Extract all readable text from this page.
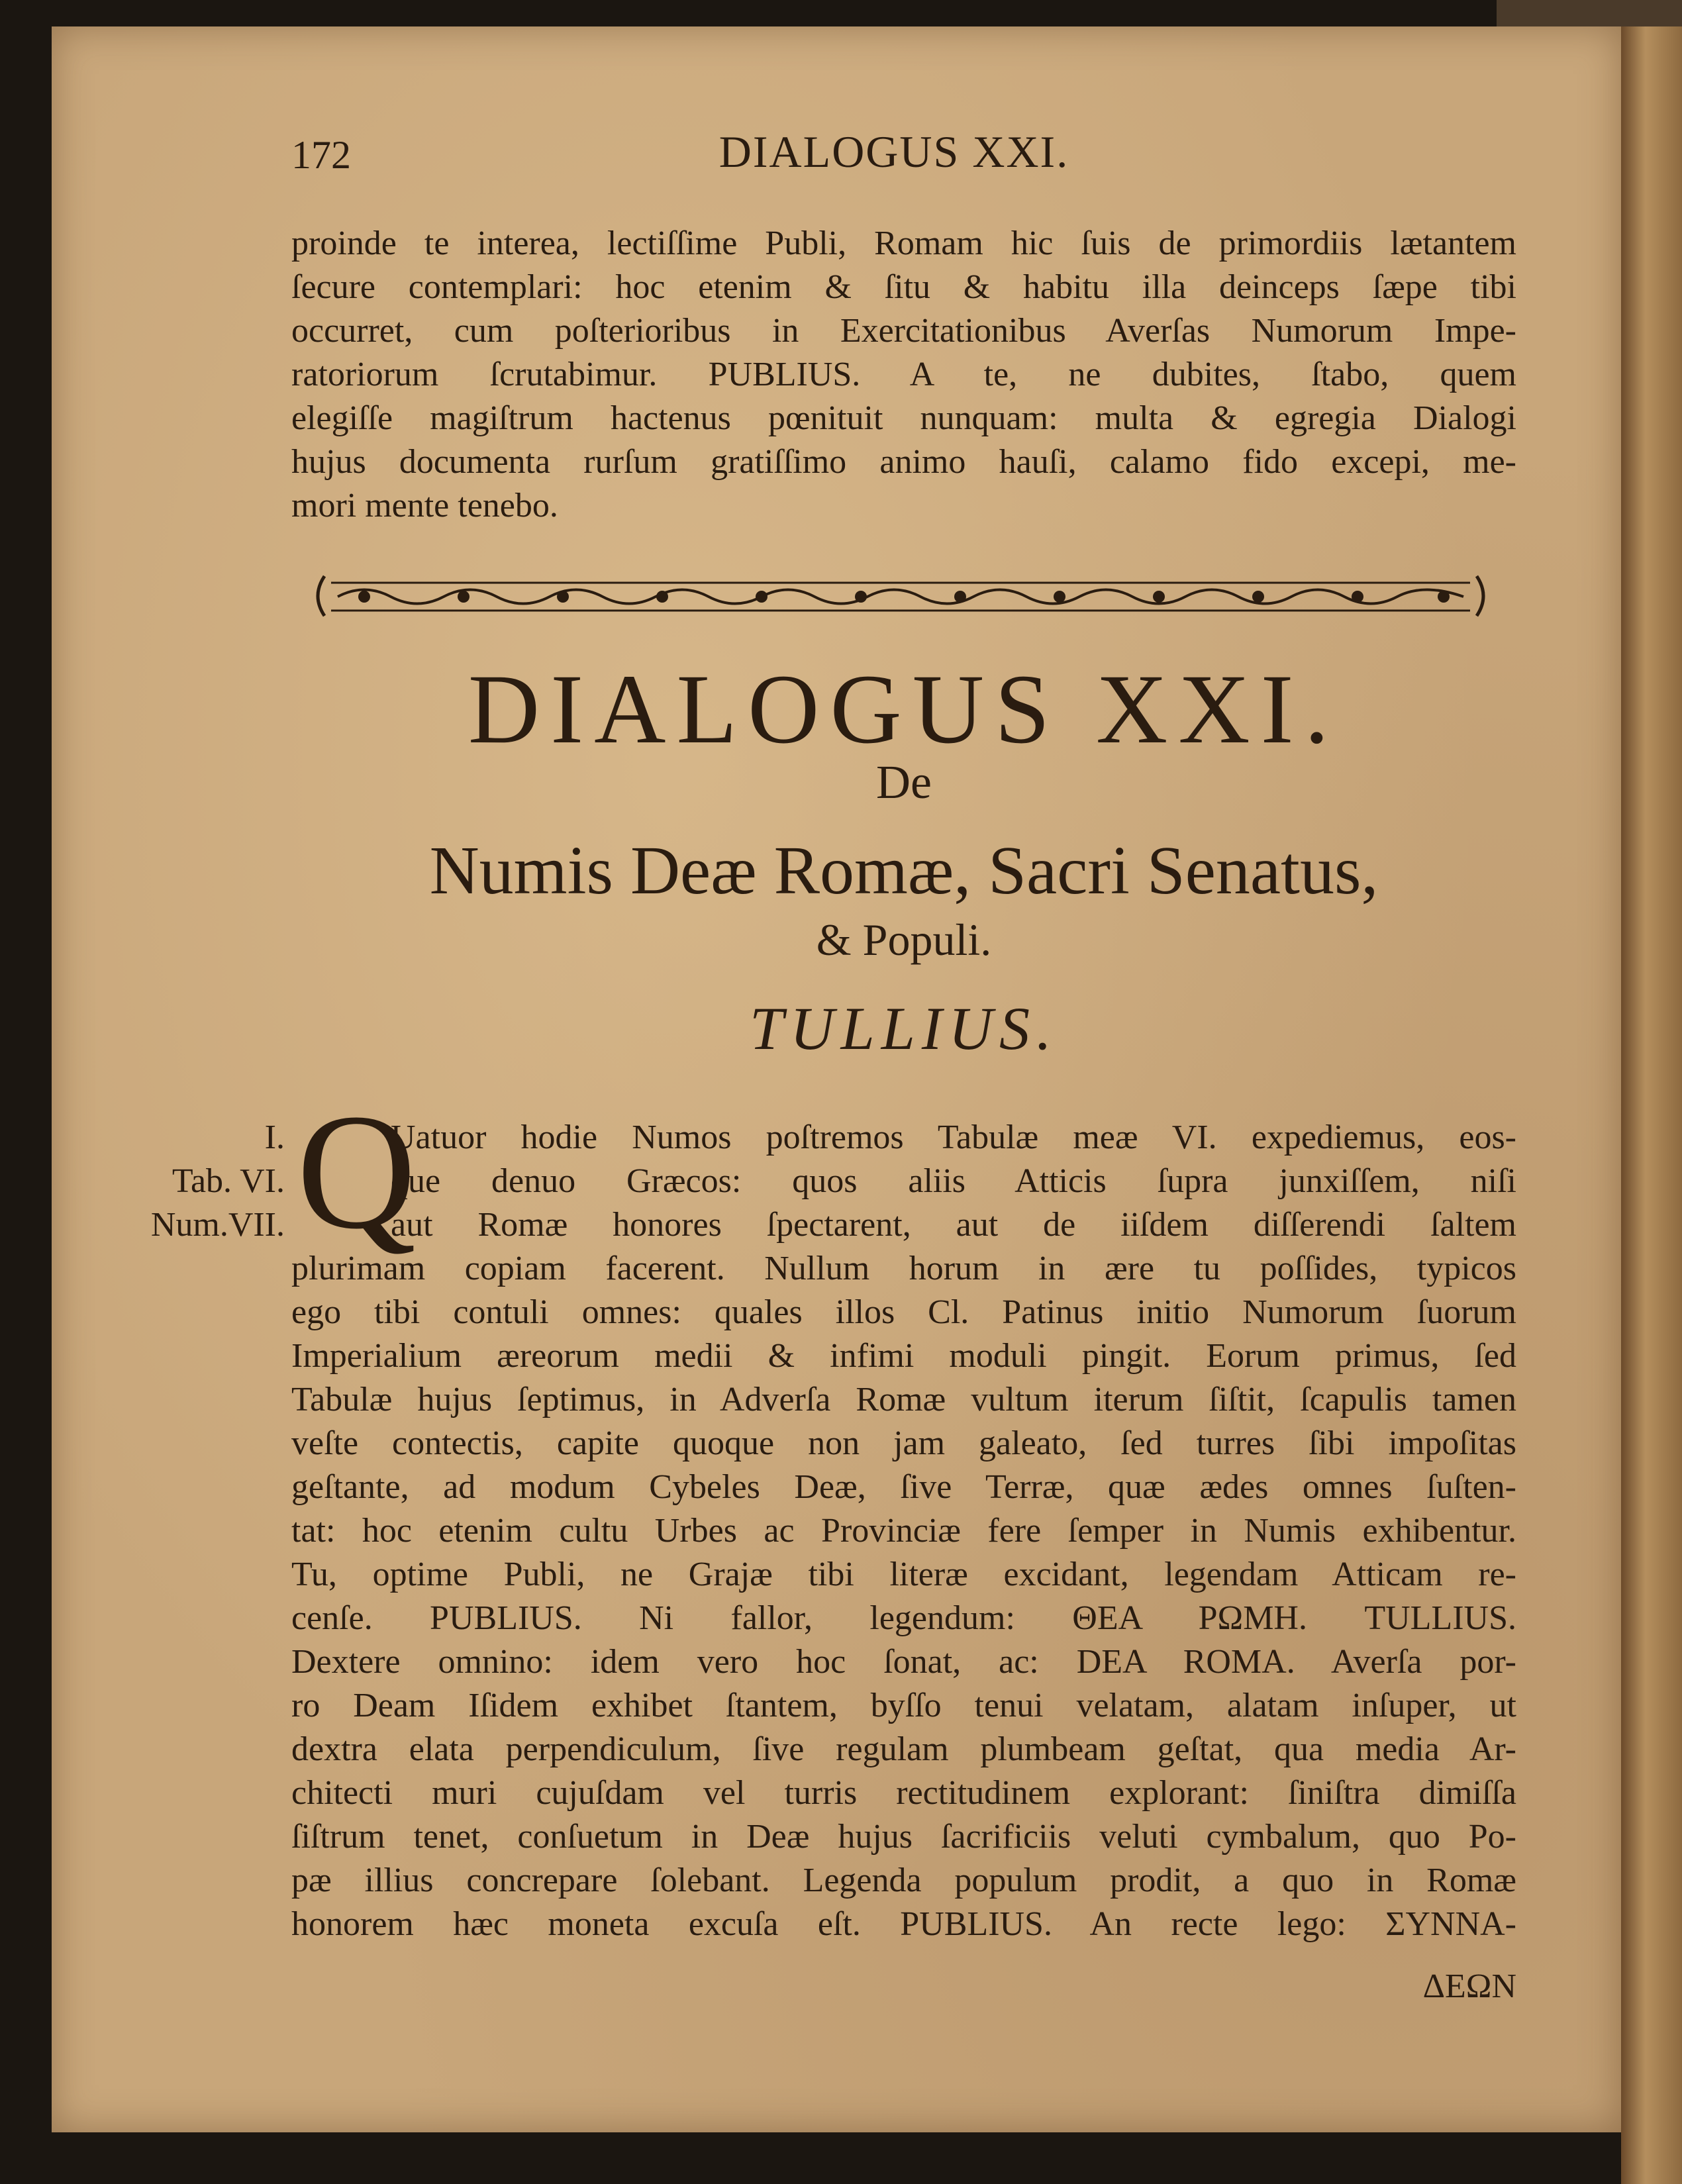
172	DIALOGUS XXI.
proinde te interea, lectiſſime Publi, Romam hic ſuis de primordiis lætantem
ſecure contemplari: hoc etenim & ſitu & habitu illa deinceps ſæpe tibi
occurret, cum poſterioribus in Exercitationibus Averſas Numorum Impe-
ratoriorum ſcrutabimur. PUBLIUS. A te, ne dubites, ſtabo, quem
elegiſſe magiſtrum hactenus pœnituit nunquam: multa & egregia Dialogi
hujus documenta rurſum gratiſſimo animo hauſi, calamo fido excepi, me-
mori mente tenebo.
DIALOGUS XXI.
De
Numis Deæ Romæ, Sacri Senatus,
& Populi.
TULLIUS.
I.
Tab. VI.
Num.VII. Q
Uatuor hodie Numos poſtremos Tabulæ meæ VI. expediemus, eos-
que denuo Græcos: quos aliis Atticis ſupra junxiſſem, niſi
aut Romæ honores ſpectarent, aut de iiſdem diſſerendi ſaltem
plurimam copiam facerent. Nullum horum in ære tu poſſides, typicos
ego tibi contuli omnes: quales illos Cl. Patinus initio Numorum ſuorum
Imperialium æreorum medii & infimi moduli pingit. Eorum primus, ſed
Tabulæ hujus ſeptimus, in Adverſa Romæ vultum iterum ſiſtit, ſcapulis tamen
veſte contectis, capite quoque non jam galeato, ſed turres ſibi impoſitas
geſtante, ad modum Cybeles Deæ, ſive Terræ, quæ ædes omnes ſuſten-
tat: hoc etenim cultu Urbes ac Provinciæ fere ſemper in Numis exhibentur.
Tu, optime Publi, ne Grajæ tibi literæ excidant, legendam Atticam re-
cenſe. PUBLIUS. Ni fallor, legendum: ΘΕΑ ΡΩΜΗ. TULLIUS.
Dextere omnino: idem vero hoc ſonat, ac: DEA ROMA. Averſa por-
ro Deam Iſidem exhibet ſtantem, byſſo tenui velatam, alatam inſuper, ut
dextra elata perpendiculum, ſive regulam plumbeam geſtat, qua media Ar-
chitecti muri cujuſdam vel turris rectitudinem explorant: ſiniſtra dimiſſa
ſiſtrum tenet, conſuetum in Deæ hujus ſacrificiis veluti cymbalum, quo Po-
pæ illius concrepare ſolebant. Legenda populum prodit, a quo in Romæ
honorem hæc moneta excuſa eſt. PUBLIUS. An recte lego: ΣΥΝΝΑ-
ΔΕΩΝ
